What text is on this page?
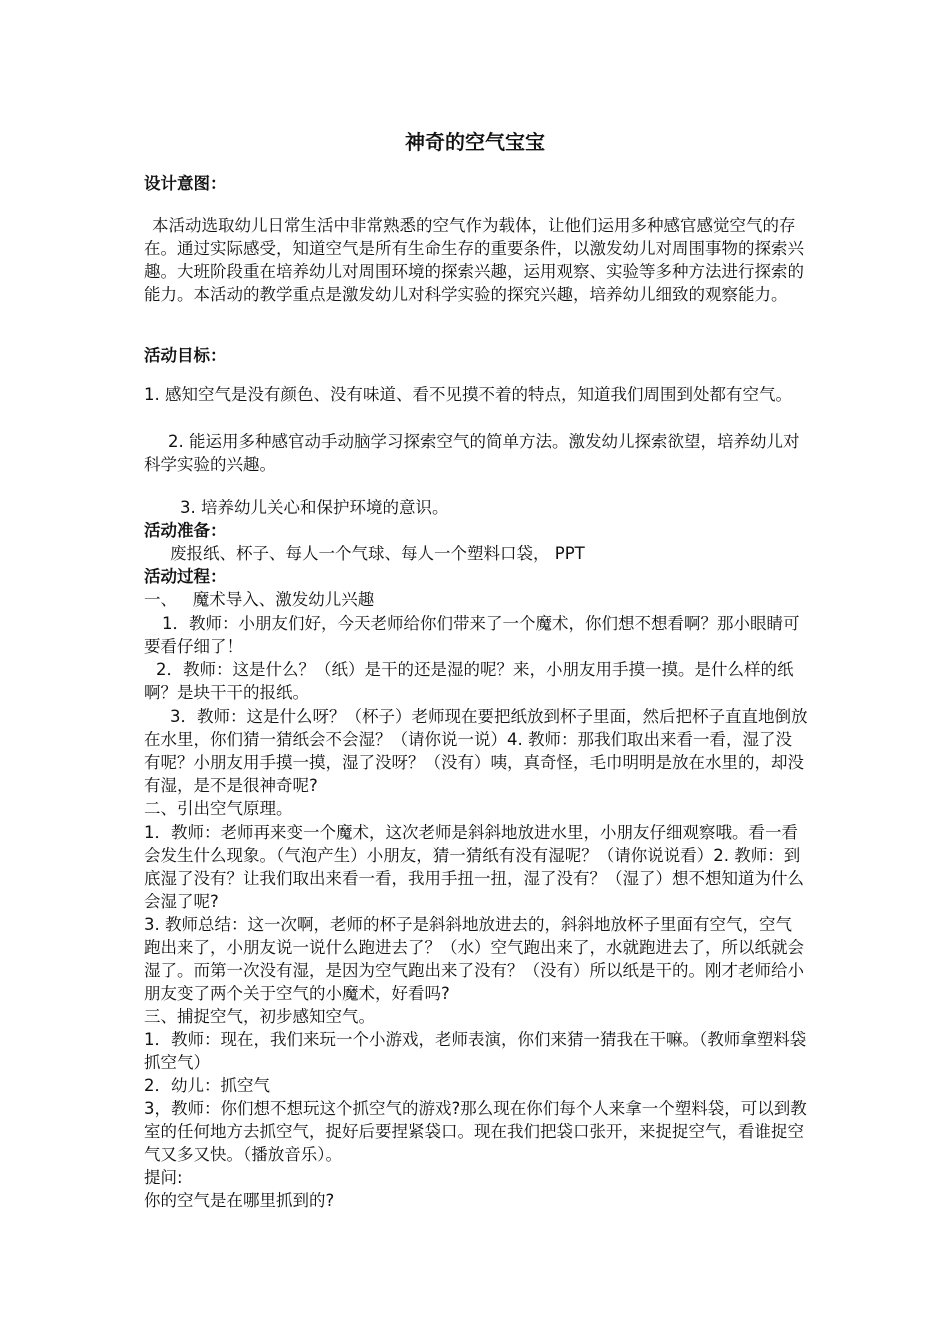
神奇的空气宝宝
设计意图：

本活动选取幼儿日常生活中非常熟悉的空气作为载体，让他们运用多种感官感觉空气的存在。通过实际感受，知道空气是所有生命生存的重要条件，以激发幼儿对周围事物的探索兴趣。大班阶段重在培养幼儿对周围环境的探索兴趣，运用观察、实验等多种方法进行探索的能力。本活动的教学重点是激发幼儿对科学实验的探究兴趣，培养幼儿细致的观察能力。

活动目标：

1. 感知空气是没有颜色、没有味道、看不见摸不着的特点，知道我们周围到处都有空气。

2. 能运用多种感官动手动脑学习探索空气的简单方法。激发幼儿探索欲望，培养幼儿对科学实验的兴趣。

3. 培养幼儿关心和保护环境的意识。

活动准备：

废报纸、杯子、每人一个气球、每人一个塑料口袋， PPT

活动过程：

一、   魔术导入、激发幼儿兴趣

1．教师：小朋友们好，今天老师给你们带来了一个魔术，你们想不想看啊？那小眼睛可要看仔细了！

2．教师：这是什么？（纸）是干的还是湿的呢？来，小朋友用手摸一摸。是什么样的纸啊？是块干干的报纸。

3．教师：这是什么呀？（杯子）老师现在要把纸放到杯子里面，然后把杯子直直地倒放在水里，你们猜一猜纸会不会湿？（请你说一说）4. 教师：那我们取出来看一看，湿了没有呢？小朋友用手摸一摸，湿了没呀？（没有）咦，真奇怪，毛巾明明是放在水里的，却没有湿，是不是很神奇呢?

二、引出空气原理。

1．教师：老师再来变一个魔术，这次老师是斜斜地放进水里，小朋友仔细观察哦。看一看会发生什么现象。（气泡产生）小朋友，猜一猜纸有没有湿呢？（请你说说看）2. 教师：到底湿了没有？让我们取出来看一看，我用手扭一扭，湿了没有？（湿了）想不想知道为什么会湿了呢?

3. 教师总结：这一次啊，老师的杯子是斜斜地放进去的，斜斜地放杯子里面有空气，空气跑出来了，小朋友说一说什么跑进去了？（水）空气跑出来了，水就跑进去了，所以纸就会湿了。而第一次没有湿，是因为空气跑出来了没有？（没有）所以纸是干的。刚才老师给小朋友变了两个关于空气的小魔术，好看吗?

三、捕捉空气，初步感知空气。

1．教师：现在，我们来玩一个小游戏，老师表演，你们来猜一猜我在干嘛。（教师拿塑料袋抓空气）

2．幼儿：抓空气

3，教师：你们想不想玩这个抓空气的游戏?那么现在你们每个人来拿一个塑料袋，可以到教室的任何地方去抓空气，捉好后要捏紧袋口。现在我们把袋口张开，来捉捉空气，看谁捉空气又多又快。（播放音乐）。

提问:

你的空气是在哪里抓到的?
